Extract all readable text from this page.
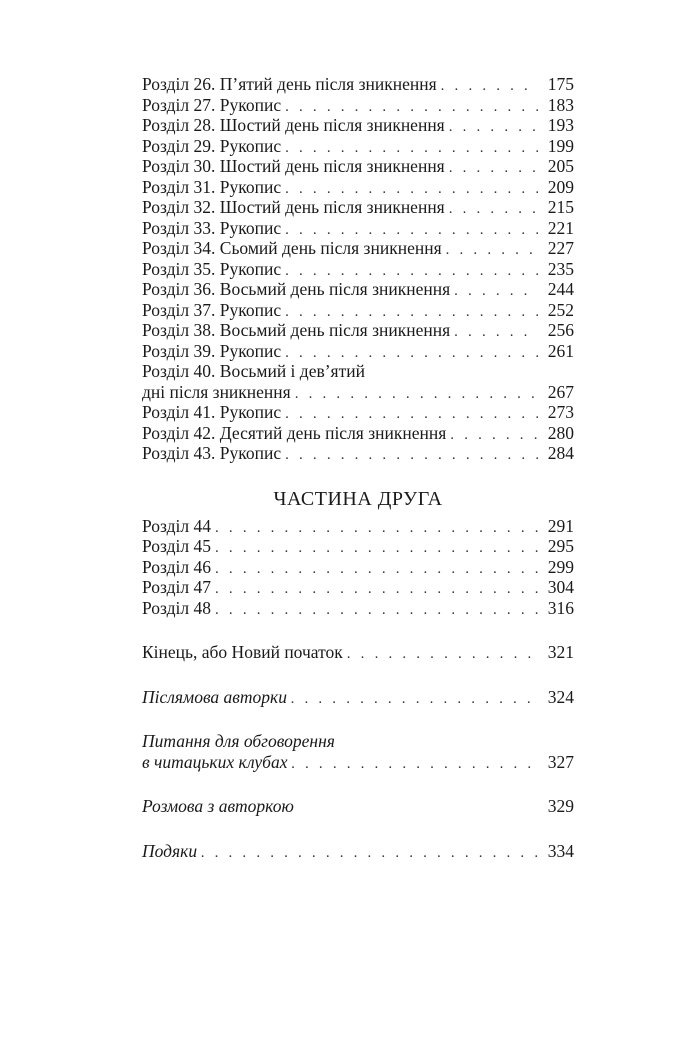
Розділ 26. П’ятий день після зникнення . . .	175
Розділ 27. Рукопис . . .	183
Розділ 28. Шостий день після зникнення . . .	193
Розділ 29. Рукопис . . .	199
Розділ 30. Шостий день після зникнення . . .	205
Розділ 31. Рукопис . . .	209
Розділ 32. Шостий день після зникнення . . .	215
Розділ 33. Рукопис . . .	221
Розділ 34. Сьомий день після зникнення . . .	227
Розділ 35. Рукопис . . .	235
Розділ 36. Восьмий день після зникнення . . .	244
Розділ 37. Рукопис . . .	252
Розділ 38. Восьмий день після зникнення . . .	256
Розділ 39. Рукопис . . .	261
Розділ 40. Восьмий і дев’ятий
дні після зникнення . . .	267
Розділ 41. Рукопис . . .	273
Розділ 42. Десятий день після зникнення . . .	280
Розділ 43. Рукопис . . .	284
ЧАСТИНА ДРУГА
Розділ 44 . . .	291
Розділ 45 . . .	295
Розділ 46 . . .	299
Розділ 47 . . .	304
Розділ 48 . . .	316
Кінець, або Новий початок . . .	321
Післямова авторки . . .	324
Питання для обговорення
в читацьких клубах . . .	327
Розмова з авторкою	329
Подяки . . .	334
